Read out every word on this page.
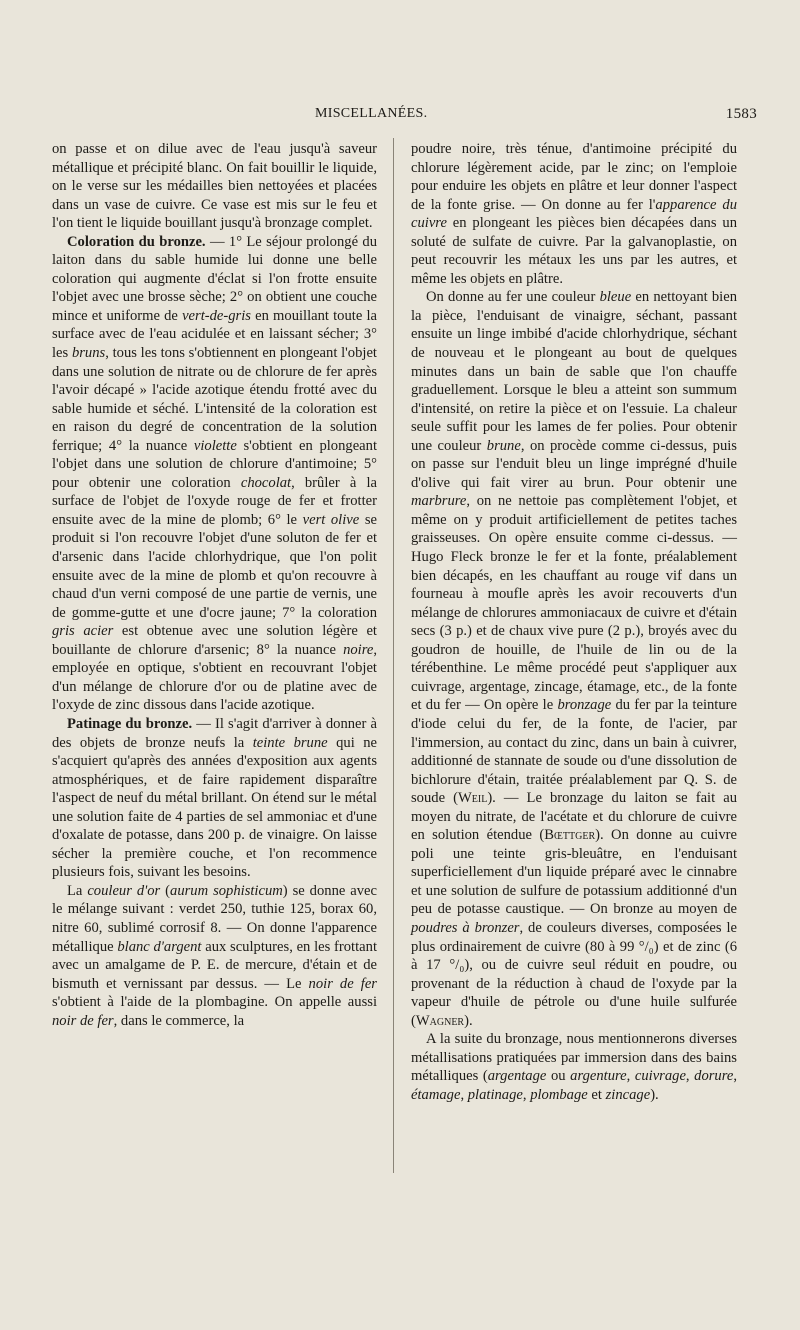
MISCELLANÉES.	1583

on passe et on dilue avec de l'eau jusqu'à saveur métallique et précipité blanc. On fait bouillir le liquide, on le verse sur les médailles bien nettoyées et placées dans un vase de cuivre. Ce vase est mis sur le feu et l'on tient le liquide bouillant jusqu'à bronzage complet.

Coloration du bronze. — 1° Le séjour prolongé du laiton dans du sable humide lui donne une belle coloration qui augmente d'éclat si l'on frotte ensuite l'objet avec une brosse sèche; 2° on obtient une couche mince et uniforme de vert-de-gris en mouillant toute la surface avec de l'eau acidulée et en laissant sécher; 3° les bruns, tous les tons s'obtiennent en plongeant l'objet dans une solution de nitrate ou de chlorure de fer après l'avoir décapé » l'acide azotique étendu frotté avec du sable humide et séché. L'intensité de la coloration est en raison du degré de concentration de la solution ferrique; 4° la nuance violette s'obtient en plongeant l'objet dans une solution de chlorure d'antimoine; 5° pour obtenir une coloration chocolat, brûler à la surface de l'objet de l'oxyde rouge de fer et frotter ensuite avec de la mine de plomb; 6° le vert olive se produit si l'on recouvre l'objet d'une soluton de fer et d'arsenic dans l'acide chlorhydrique, que l'on polit ensuite avec de la mine de plomb et qu'on recouvre à chaud d'un verni composé de une partie de vernis, une de gomme-gutte et une d'ocre jaune; 7° la coloration gris acier est obtenue avec une solution légère et bouillante de chlorure d'arsenic; 8° la nuance noire, employée en optique, s'obtient en recouvrant l'objet d'un mélange de chlorure d'or ou de platine avec de l'oxyde de zinc dissous dans l'acide azotique.

Patinage du bronze. — Il s'agit d'arriver à donner à des objets de bronze neufs la teinte brune qui ne s'acquiert qu'après des années d'exposition aux agents atmosphériques, et de faire rapidement disparaître l'aspect de neuf du métal brillant. On étend sur le métal une solution faite de 4 parties de sel ammoniac et d'une d'oxalate de potasse, dans 200 p. de vinaigre. On laisse sécher la première couche, et l'on recommence plusieurs fois, suivant les besoins.

La couleur d'or (aurum sophisticum) se donne avec le mélange suivant : verdet 250, tuthie 125, borax 60, nitre 60, sublimé corrosif 8. — On donne l'apparence métallique blanc d'argent aux sculptures, en les frottant avec un amalgame de P. E. de mercure, d'étain et de bismuth et vernissant par dessus. — Le noir de fer s'obtient à l'aide de la plombagine. On appelle aussi noir de fer, dans le commerce, la

poudre noire, très ténue, d'antimoine précipité du chlorure légèrement acide, par le zinc; on l'emploie pour enduire les objets en plâtre et leur donner l'aspect de la fonte grise. — On donne au fer l'apparence du cuivre en plongeant les pièces bien décapées dans un soluté de sulfate de cuivre. Par la galvanoplastie, on peut recouvrir les métaux les uns par les autres, et même les objets en plâtre.

On donne au fer une couleur bleue en nettoyant bien la pièce, l'enduisant de vinaigre, séchant, passant ensuite un linge imbibé d'acide chlorhydrique, séchant de nouveau et le plongeant au bout de quelques minutes dans un bain de sable que l'on chauffe graduellement. Lorsque le bleu a atteint son summum d'intensité, on retire la pièce et on l'essuie. La chaleur seule suffit pour les lames de fer polies. Pour obtenir une couleur brune, on procède comme ci-dessus, puis on passe sur l'enduit bleu un linge imprégné d'huile d'olive qui fait virer au brun. Pour obtenir une marbrure, on ne nettoie pas complètement l'objet, et même on y produit artificiellement de petites taches graisseuses. On opère ensuite comme ci-dessus. — Hugo Fleck bronze le fer et la fonte, préalablement bien décapés, en les chauffant au rouge vif dans un fourneau à moufle après les avoir recouverts d'un mélange de chlorures ammoniacaux de cuivre et d'étain secs (3 p.) et de chaux vive pure (2 p.), broyés avec du goudron de houille, de l'huile de lin ou de la térébenthine. Le même procédé peut s'appliquer aux cuivrage, argentage, zincage, étamage, etc., de la fonte et du fer — On opère le bronzage du fer par la teinture d'iode celui du fer, de la fonte, de l'acier, par l'immersion, au contact du zinc, dans un bain à cuivrer, additionné de stannate de soude ou d'une dissolution de bichlorure d'étain, traitée préalablement par Q. S. de soude (Weil). — Le bronzage du laiton se fait au moyen du nitrate, de l'acétate et du chlorure de cuivre en solution étendue (Bœttger). On donne au cuivre poli une teinte gris-bleuâtre, en l'enduisant superficiellement d'un liquide préparé avec le cinnabre et une solution de sulfure de potassium additionné d'un peu de potasse caustique. — On bronze au moyen de poudres à bronzer, de couleurs diverses, composées le plus ordinairement de cuivre (80 à 99 °/₀) et de zinc (6 à 17 °/₀), ou de cuivre seul réduit en poudre, ou provenant de la réduction à chaud de l'oxyde par la vapeur d'huile de pétrole ou d'une huile sulfurée (Wagner).

A la suite du bronzage, nous mentionnerons diverses métallisations pratiquées par immersion dans des bains métalliques (argentage ou argenture, cuivrage, dorure, étamage, platinage, plombage et zincage).
